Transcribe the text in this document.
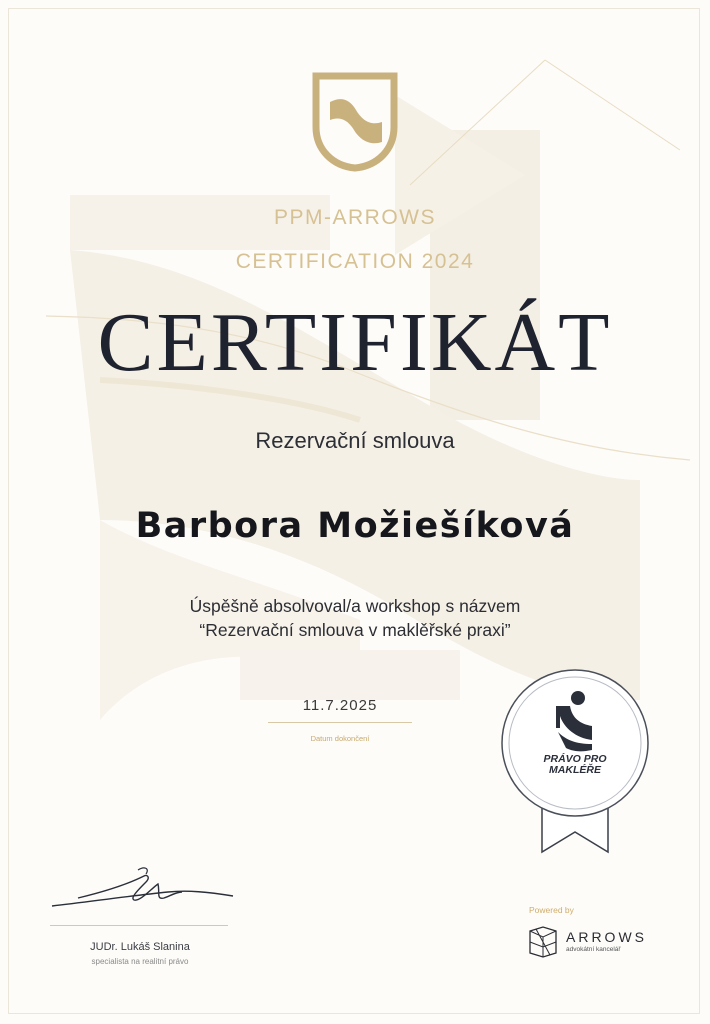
PPM-ARROWS
CERTIFICATION 2024
CERTIFIKÁT
Rezervační smlouva
Barbora Možiešíková
Úspěšně absolvoval/a workshop s názvem
“Rezervační smlouva v maklěřské praxi”
11.7.2025
Datum dokončení
PRÁVO PRO
MAKLÉŘE
JUDr. Lukáš Slanina
specialista na realitní právo
Powered by
ARROWS
advokátní kancelář
